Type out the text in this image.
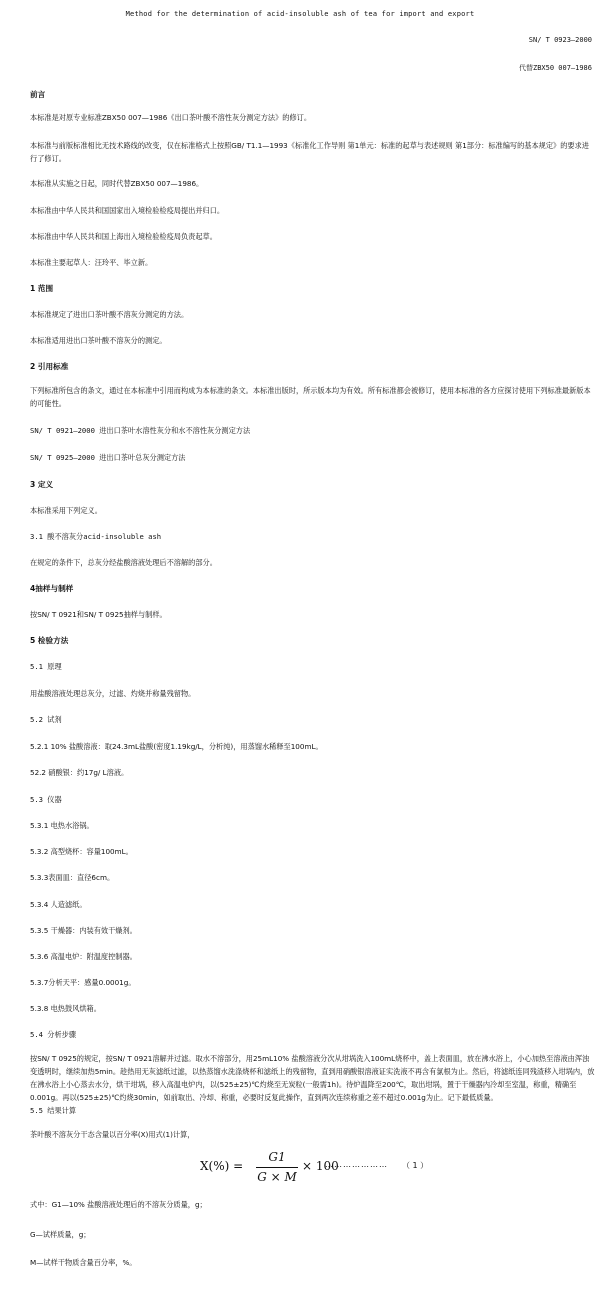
Method for the determination of acid-insoluble ash of tea for import and export
SN/ T 0923—2000
代替ZBX50 007—1986
前言
本标准是对原专业标准ZBX50 007—1986《出口茶叶酸不溶性灰分测定方法》的修订。
本标准与前版标准相比无技术路线的改变，仅在标准格式上按照GB/ T1.1—1993《标准化工作导则 第1单元：标准的起草与表述规则 第1部分：标准编写的基本规定》的要求进行了修订。
本标准从实施之日起，同时代替ZBX50 007—1986。
本标准由中华人民共和国国家出入境检验检疫局提出并归口。
本标准由中华人民共和国上海出入境检验检疫局负责起草。
本标准主要起草人：汪玲平、毕立新。
1 范围
本标准规定了进出口茶叶酸不溶灰分测定的方法。
本标准适用进出口茶叶酸不溶灰分的测定。
2 引用标准
下列标准所包含的条文，通过在本标准中引用而构成为本标准的条文。本标准出版时，所示版本均为有效。所有标准都会被修订，使用本标准的各方应探讨使用下列标准最新版本的可能性。
SN/ T 0921—2000 进出口茶叶水溶性灰分和水不溶性灰分测定方法
SN/ T 0925—2000 进出口茶叶总灰分测定方法
3 定义
本标准采用下列定义。
3.1 酸不溶灰分acid-insoluble ash
在规定的条件下，总灰分经盐酸溶液处理后不溶解的部分。
4抽样与制样
按SN/ T 0921和SN/ T 0925抽样与制样。
5 检验方法
5.1 原理
用盐酸溶液处理总灰分，过滤、灼烧并称量残留物。
5.2 试剂
5.2.1 10% 盐酸溶液：取24.3mL盐酸(密度1.19kg/L，分析纯)，用蒸馏水稀释至100mL。
52.2 硝酸银：约17g/ L溶液。
5.3 仪器
5.3.1 电热水浴锅。
5.3.2 高型烧杯：容量100mL。
5.3.3表面皿：直径6cm。
5.3.4 人造滤纸。
5.3.5 干燥器：内装有效干燥剂。
5.3.6 高温电炉：附温度控制器。
5.3.7分析天平：感量0.0001g。
5.3.8 电热鼓风烘箱。
5.4 分析步骤
按SN/ T 0925的规定，按SN/ T 0921溶解并过滤。取水不溶部分，用25mL10% 盐酸溶液分次从坩埚洗入100mL烧杯中，盖上表面皿，放在沸水浴上，小心加热至溶液由浑浊变透明时，继续加热5min。趁热用无灰滤纸过滤，以热蒸馏水洗涤烧杯和滤纸上的残留物，直到用硝酸银溶液证实洗液不再含有氯根为止。然后，将滤纸连同残渣移入坩埚内，放在沸水浴上小心蒸去水分，烘干坩埚，移入高温电炉内，以(525±25)℃灼烧至无炭粒(一般需1h)。待炉温降至200℃，取出坩埚，置于干燥器内冷却至室温，称重，精确至0.001g。再以(525±25)℃灼烧30min，如前取出、冷却、称重，必要时反复此操作，直到两次连续称重之差不超过0.001g为止。记下最低质量。
5.5 结果计算
茶叶酸不溶灰分干态含量以百分率(X)用式(1)计算，
X(%) =
G1
G × M
× 100
………………… （ 1 ）
式中：G1—10% 盐酸溶液处理后的不溶灰分质量，g；
G—试样质量，g；
M—试样干物质含量百分率，%。
